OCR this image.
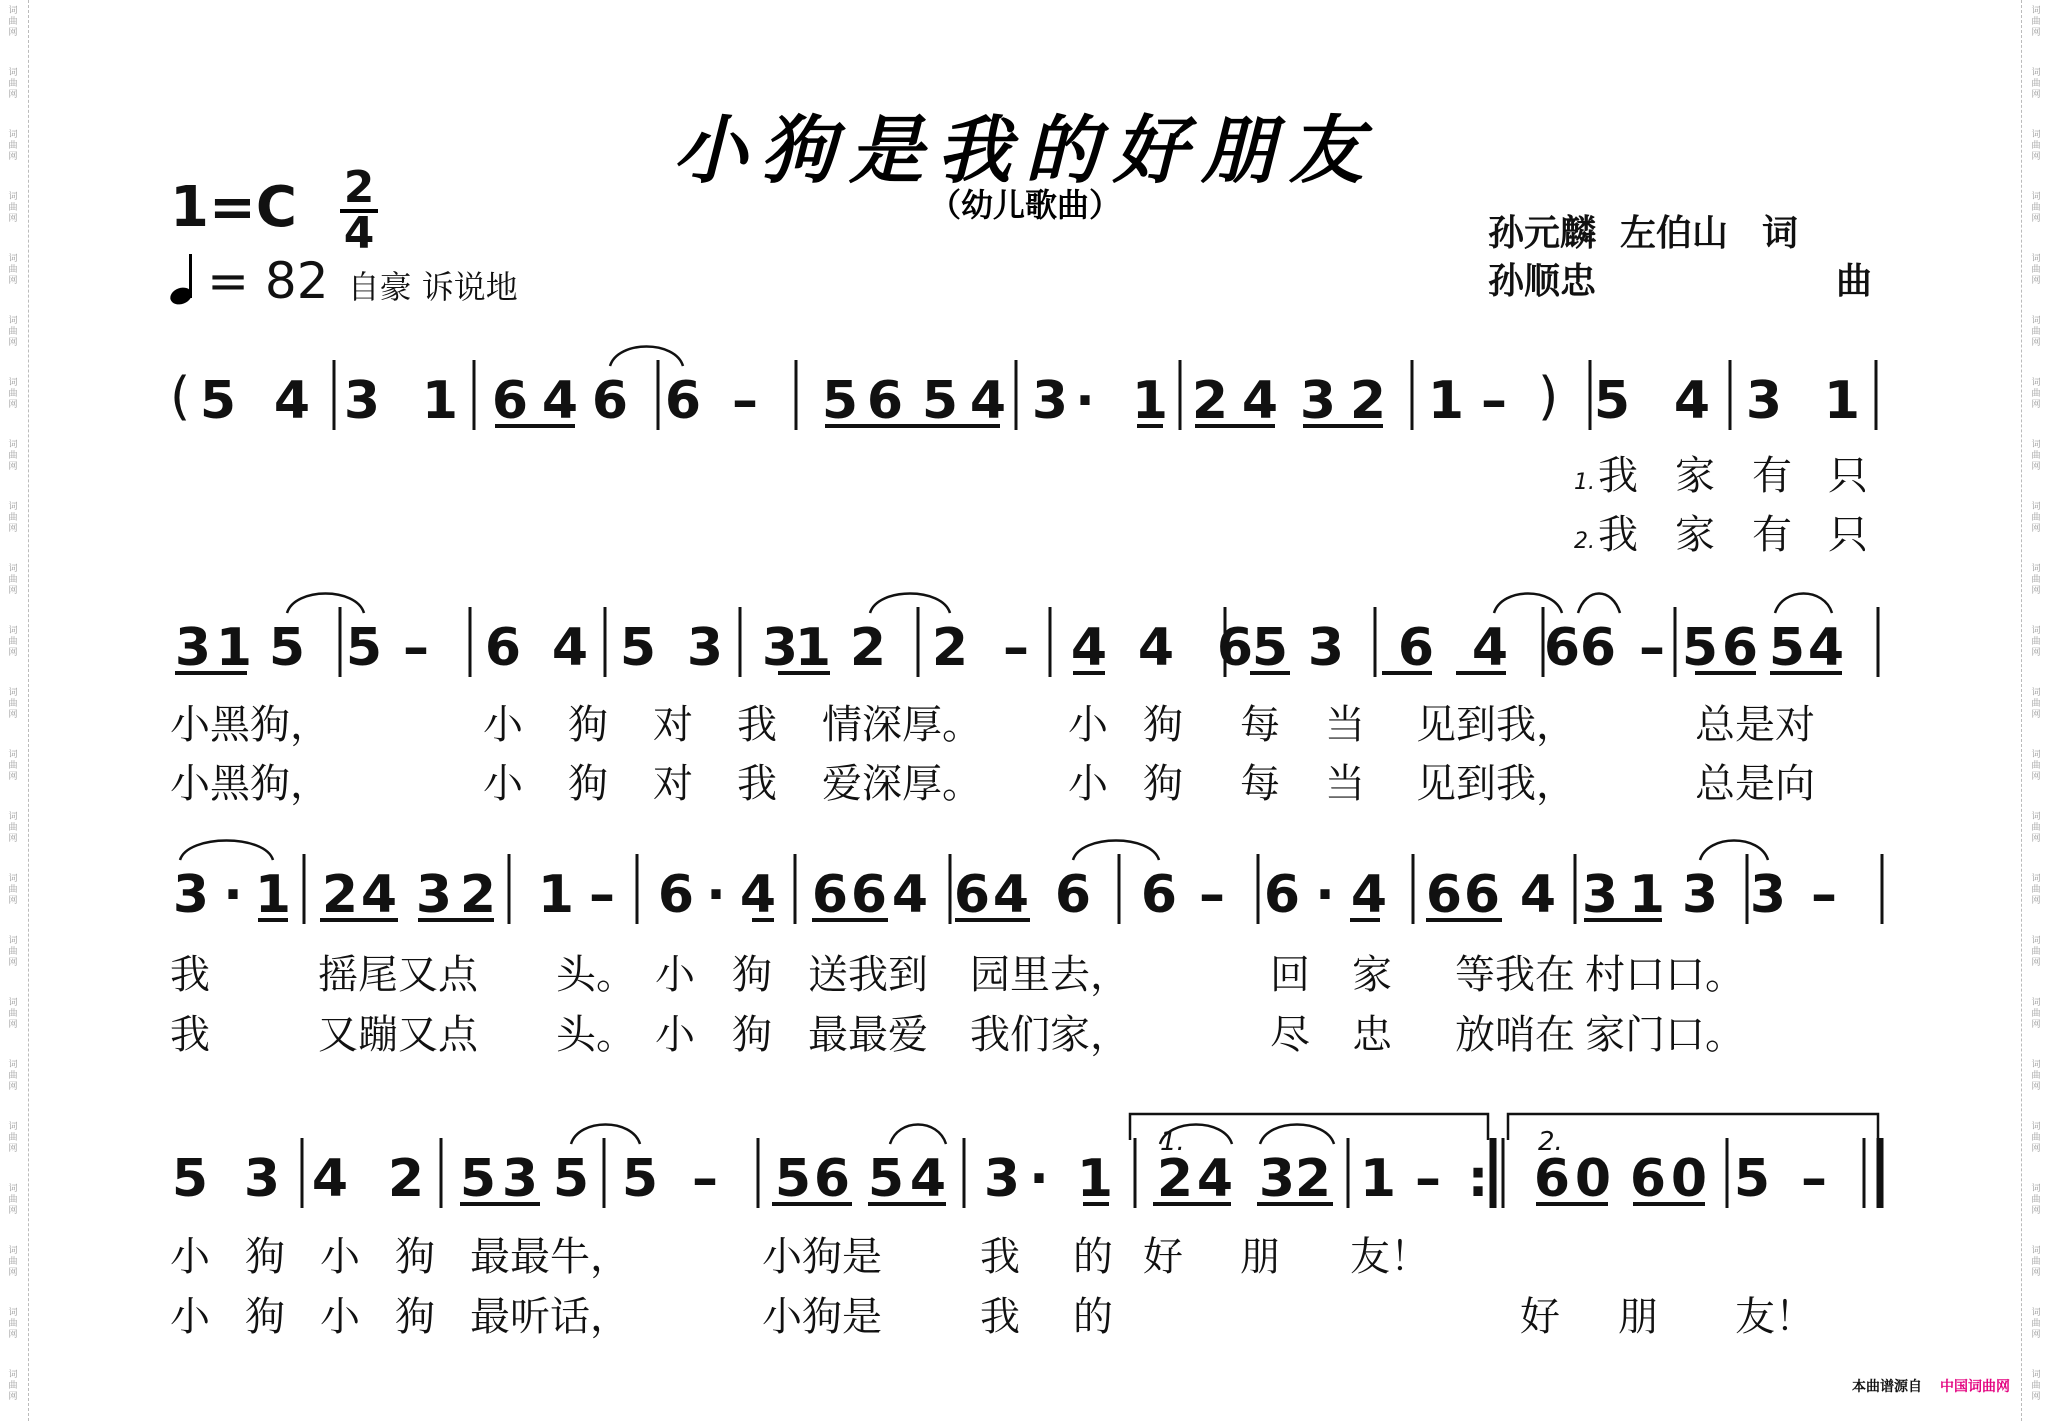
词
曲
网
词
曲
网
词
曲
网
词
曲
网
词
曲
网
词
曲
网
词
曲
网
词
曲
网
词
曲
网
词
曲
网
词
曲
网
词
曲
网
词
曲
网
词
曲
网
词
曲
网
词
曲
网
词
曲
网
词
曲
网
词
曲
网
词
曲
网
词
曲
网
词
曲
网
词
曲
网
词
曲
网
词
曲
网
词
曲
网
词
曲
网
词
曲
网
词
曲
网
词
曲
网
词
曲
网
词
曲
网
词
曲
网
词
曲
网
词
曲
网
词
曲
网
词
曲
网
词
曲
网
词
曲
网
词
曲
网
词
曲
网
词
曲
网
词
曲
网
词
曲
网
词
曲
网
词
曲
网
小狗是我的好朋友
（幼儿歌曲）
1=C 2
4
= 82 自豪 诉说地
孙元麟 左伯山 词
孙顺忠	曲
( 5 4 3 1 6 4 6 6 – 5 6 5 4 3 · 1 2 4 3 2 1 – 5 4 3 1
)
1.
2.
我 家 有 只
我 家 有 只
3 1 5 5 – 6 4 5 3 3
1 2 2 – 4 4 6
5 3 6 4 6 6 – 5 6 5 4
小黑狗，	小 狗 对 我 情深厚。 小 狗 每 当 见到我，	总是对
小黑狗，	小 狗 对 我 爱深厚。 小 狗 每 当 见到我，	总是向
3 · 1 2 4 3 2 1 – 6 · 4 6 6 4 6 4 6 6 – 6 · 4 6 6 4 3 1 3 3 –
我	摇尾又点 头。 小 狗 送我到 园里去，	回 家 等我在 村口口。
我	又蹦又点 头。 小 狗 最最爱 我们家，	尽 忠 放哨在 家门口。
5 3 4 2 5 3 5 5 – 5 6 5 4 3 · 1 2 4 3 2 1 – : 6 0 6 0 5 –
1.	2.
小 狗 小 狗 最最牛，	小狗是 我 的 好 朋 友！
小 狗 小 狗 最听话，	小狗是 我 的	好 朋 友！
本曲谱源自 中国词曲网
